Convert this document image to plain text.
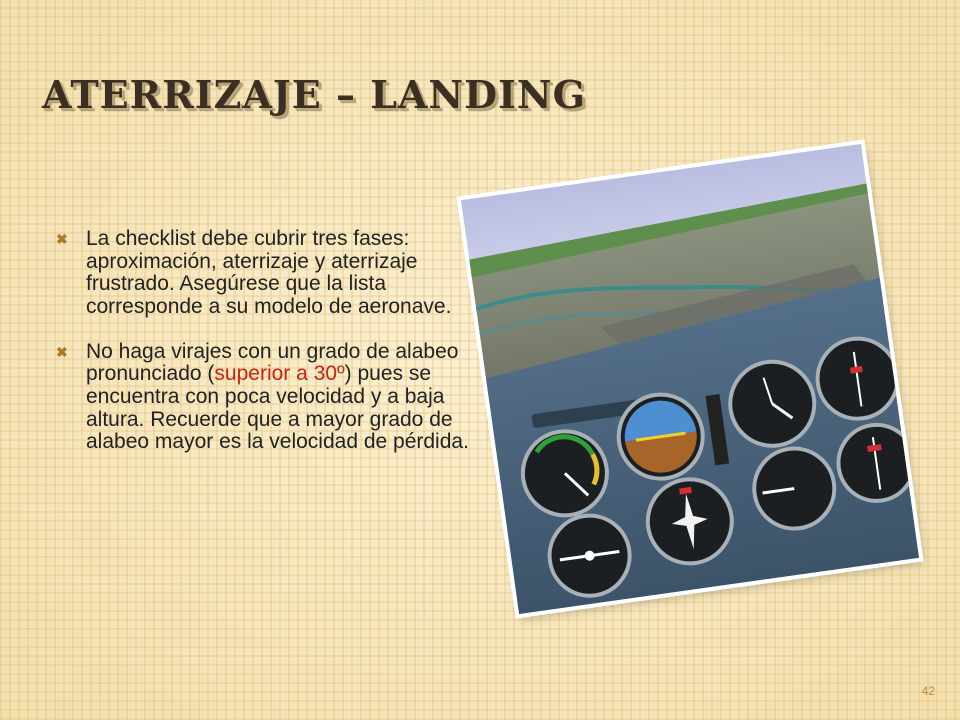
ATERRIZAJE – LANDING
✖ La checklist debe cubrir tres fases: aproximación, aterrizaje y aterrizaje frustrado. Asegúrese que la lista corresponde a su modelo de aeronave.
✖ No haga virajes con un grado de alabeo pronunciado (superior a 30º) pues se encuentra con poca velocidad y a baja altura. Recuerde que a mayor grado de alabeo mayor es la velocidad de pérdida.
42
